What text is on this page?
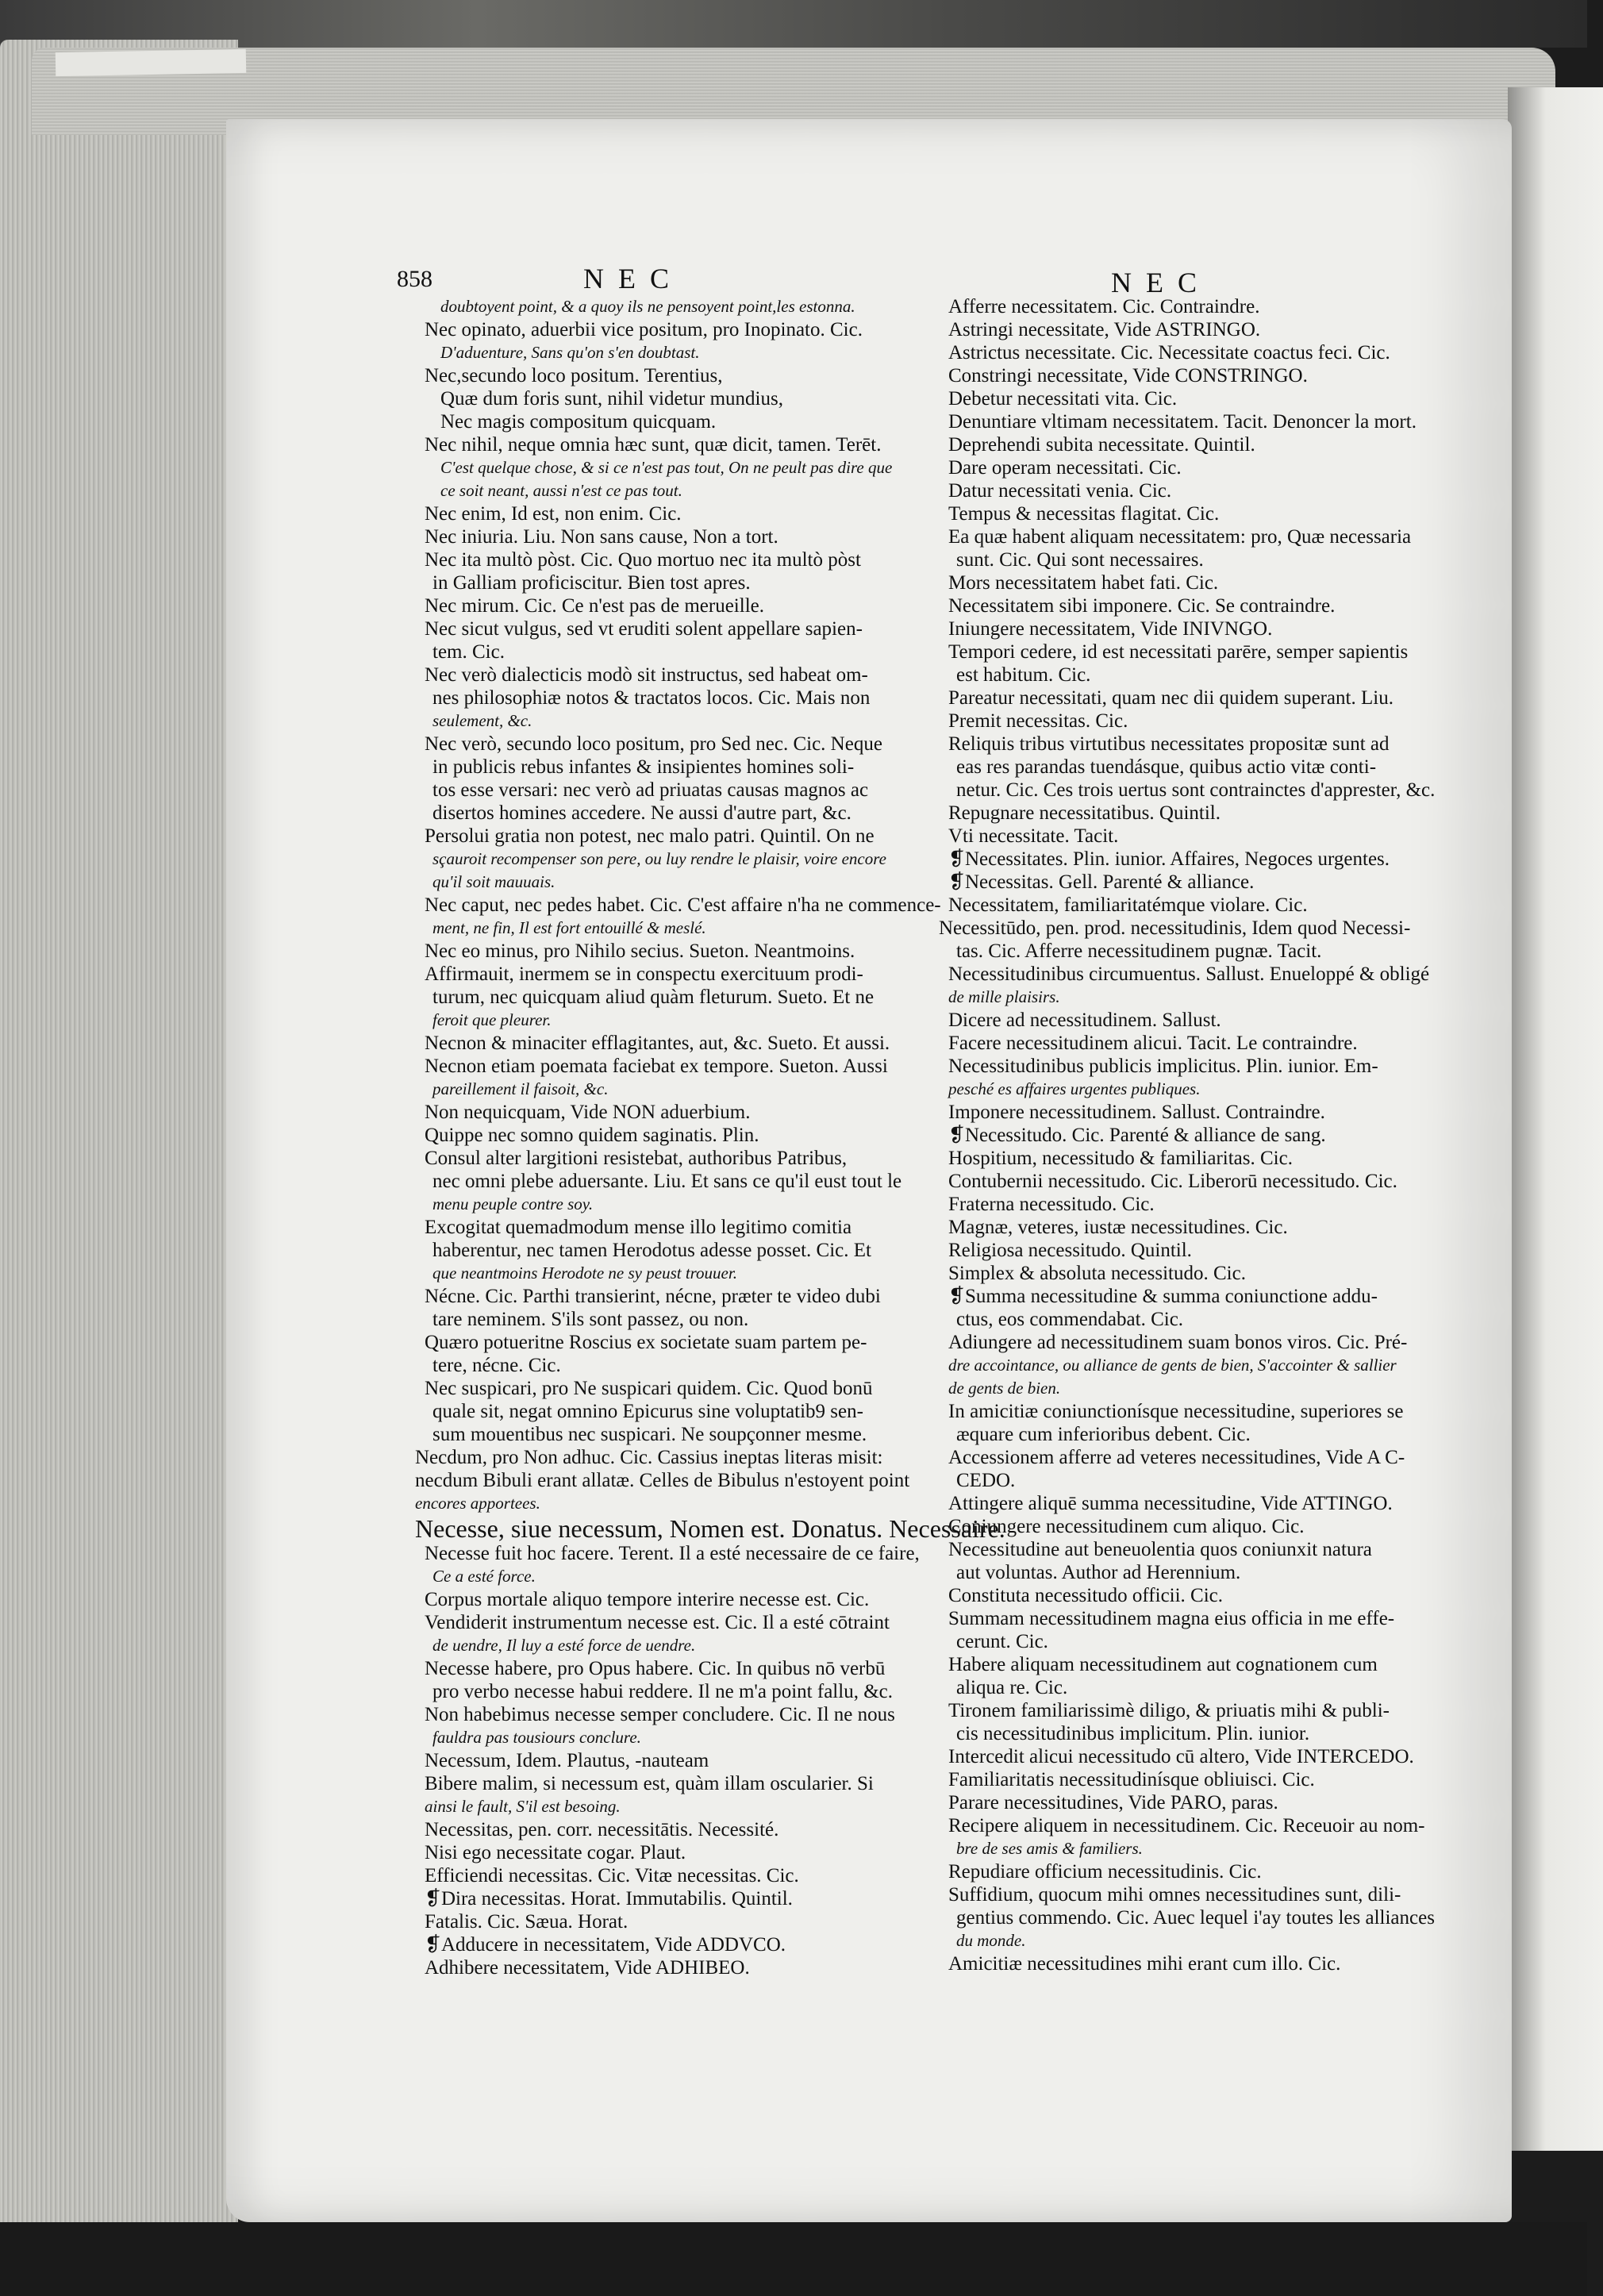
858	NEC	NEC
doubtoyent point, & a quoy ils ne pensoyent point,les estonna.
Nec opinato, aduerbii vice positum, pro Inopinato. Cic.
D'aduenture, Sans qu'on s'en doubtast.
Nec,secundo loco positum. Terentius,
Quæ dum foris sunt, nihil videtur mundius,
Nec magis compositum quicquam.
Nec nihil, neque omnia hæc sunt, quæ dicit, tamen. Terēt.
C'est quelque chose, & si ce n'est pas tout, On ne peult pas dire que
ce soit neant, aussi n'est ce pas tout.
Nec enim, Id est, non enim. Cic.
Nec iniuria. Liu. Non sans cause, Non a tort.
Nec ita multò pòst. Cic. Quo mortuo nec ita multò pòst
in Galliam proficiscitur. Bien tost apres.
Nec mirum. Cic. Ce n'est pas de merueille.
Nec sicut vulgus, sed vt eruditi solent appellare sapien-
tem. Cic.
Nec verò dialecticis modò sit instructus, sed habeat om-
nes philosophiæ notos & tractatos locos. Cic. Mais non
seulement, &c.
Nec verò, secundo loco positum, pro Sed nec. Cic. Neque
in publicis rebus infantes & insipientes homines soli-
tos esse versari: nec verò ad priuatas causas magnos ac
disertos homines accedere. Ne aussi d'autre part, &c.
Persolui gratia non potest, nec malo patri. Quintil. On ne
sçauroit recompenser son pere, ou luy rendre le plaisir, voire encore
qu'il soit mauuais.
Nec caput, nec pedes habet. Cic. C'est affaire n'ha ne commence-
ment, ne fin, Il est fort entouillé & meslé.
Nec eo minus, pro Nihilo secius. Sueton. Neantmoins.
Affirmauit, inermem se in conspectu exercituum prodi-
turum, nec quicquam aliud quàm fleturum. Sueto. Et ne
feroit que pleurer.
Necnon & minaciter efflagitantes, aut, &c. Sueto. Et aussi.
Necnon etiam poemata faciebat ex tempore. Sueton. Aussi
pareillement il faisoit, &c.
Non nequicquam, Vide NON aduerbium.
Quippe nec somno quidem saginatis. Plin.
Consul alter largitioni resistebat, authoribus Patribus,
nec omni plebe aduersante. Liu. Et sans ce qu'il eust tout le
menu peuple contre soy.
Excogitat quemadmodum mense illo legitimo comitia
haberentur, nec tamen Herodotus adesse posset. Cic. Et
que neantmoins Herodote ne sy peust trouuer.
Nécne. Cic. Parthi transierint, nécne, præter te video dubi
tare neminem. S'ils sont passez, ou non.
Quæro potueritne Roscius ex societate suam partem pe-
tere, nécne. Cic.
Nec suspicari, pro Ne suspicari quidem. Cic. Quod bonū
quale sit, negat omnino Epicurus sine voluptatib9 sen-
sum mouentibus nec suspicari. Ne soupçonner mesme.
Necdum, pro Non adhuc. Cic. Cassius ineptas literas misit:
necdum Bibuli erant allatæ. Celles de Bibulus n'estoyent point
encores apportees.
Necesse, siue necessum, Nomen est. Donatus. Necessaire.
Necesse fuit hoc facere. Terent. Il a esté necessaire de ce faire,
Ce a esté force.
Corpus mortale aliquo tempore interire necesse est. Cic.
Vendiderit instrumentum necesse est. Cic. Il a esté cōtraint
de uendre, Il luy a esté force de uendre.
Necesse habere, pro Opus habere. Cic. In quibus nō verbū
pro verbo necesse habui reddere. Il ne m'a point fallu, &c.
Non habebimus necesse semper concludere. Cic. Il ne nous
fauldra pas tousiours conclure.
Necessum, Idem. Plautus, -nauteam
Bibere malim, si necessum est, quàm illam oscularier. Si
ainsi le fault, S'il est besoing.
Necessitas, pen. corr. necessitātis. Necessité.
Nisi ego necessitate cogar. Plaut.
Efficiendi necessitas. Cic. Vitæ necessitas. Cic.
❡Dira necessitas. Horat. Immutabilis. Quintil.
Fatalis. Cic. Sæua. Horat.
❡Adducere in necessitatem, Vide ADDVCO.
Adhibere necessitatem, Vide ADHIBEO.
Afferre necessitatem. Cic. Contraindre.
Astringi necessitate, Vide ASTRINGO.
Astrictus necessitate. Cic. Necessitate coactus feci. Cic.
Constringi necessitate, Vide CONSTRINGO.
Debetur necessitati vita. Cic.
Denuntiare vltimam necessitatem. Tacit. Denoncer la mort.
Deprehendi subita necessitate. Quintil.
Dare operam necessitati. Cic.
Datur necessitati venia. Cic.
Tempus & necessitas flagitat. Cic.
Ea quæ habent aliquam necessitatem: pro, Quæ necessaria
sunt. Cic. Qui sont necessaires.
Mors necessitatem habet fati. Cic.
Necessitatem sibi imponere. Cic. Se contraindre.
Iniungere necessitatem, Vide INIVNGO.
Tempori cedere, id est necessitati parēre, semper sapientis
est habitum. Cic.
Pareatur necessitati, quam nec dii quidem superant. Liu.
Premit necessitas. Cic.
Reliquis tribus virtutibus necessitates propositæ sunt ad
eas res parandas tuendásque, quibus actio vitæ conti-
netur. Cic. Ces trois uertus sont contrainctes d'apprester, &c.
Repugnare necessitatibus. Quintil.
Vti necessitate. Tacit.
❡Necessitates. Plin. iunior. Affaires, Negoces urgentes.
❡Necessitas. Gell. Parenté & alliance.
Necessitatem, familiaritatémque violare. Cic.
Necessitūdo, pen. prod. necessitudinis, Idem quod Necessi-
tas. Cic. Afferre necessitudinem pugnæ. Tacit.
Necessitudinibus circumuentus. Sallust. Enueloppé & obligé
de mille plaisirs.
Dicere ad necessitudinem. Sallust.
Facere necessitudinem alicui. Tacit. Le contraindre.
Necessitudinibus publicis implicitus. Plin. iunior. Em-
pesché es affaires urgentes publiques.
Imponere necessitudinem. Sallust. Contraindre.
❡Necessitudo. Cic. Parenté & alliance de sang.
Hospitium, necessitudo & familiaritas. Cic.
Contubernii necessitudo. Cic. Liberorū necessitudo. Cic.
Fraterna necessitudo. Cic.
Magnæ, veteres, iustæ necessitudines. Cic.
Religiosa necessitudo. Quintil.
Simplex & absoluta necessitudo. Cic.
❡Summa necessitudine & summa coniunctione addu-
ctus, eos commendabat. Cic.
Adiungere ad necessitudinem suam bonos viros. Cic. Pré-
dre accointance, ou alliance de gents de bien, S'accointer & sallier
de gents de bien.
In amicitiæ coniunctionísque necessitudine, superiores se
æquare cum inferioribus debent. Cic.
Accessionem afferre ad veteres necessitudines, Vide A C-
CEDO.
Attingere aliquē summa necessitudine, Vide ATTINGO.
Coniungere necessitudinem cum aliquo. Cic.
Necessitudine aut beneuolentia quos coniunxit natura
aut voluntas. Author ad Herennium.
Constituta necessitudo officii. Cic.
Summam necessitudinem magna eius officia in me effe-
cerunt. Cic.
Habere aliquam necessitudinem aut cognationem cum
aliqua re. Cic.
Tironem familiarissimè diligo, & priuatis mihi & publi-
cis necessitudinibus implicitum. Plin. iunior.
Intercedit alicui necessitudo cū altero, Vide INTERCEDO.
Familiaritatis necessitudinísque obliuisci. Cic.
Parare necessitudines, Vide PARO, paras.
Recipere aliquem in necessitudinem. Cic. Receuoir au nom-
bre de ses amis & familiers.
Repudiare officium necessitudinis. Cic.
Suffidium, quocum mihi omnes necessitudines sunt, dili-
gentius commendo. Cic. Auec lequel i'ay toutes les alliances
du monde.
Amicitiæ necessitudines mihi erant cum illo. Cic.
